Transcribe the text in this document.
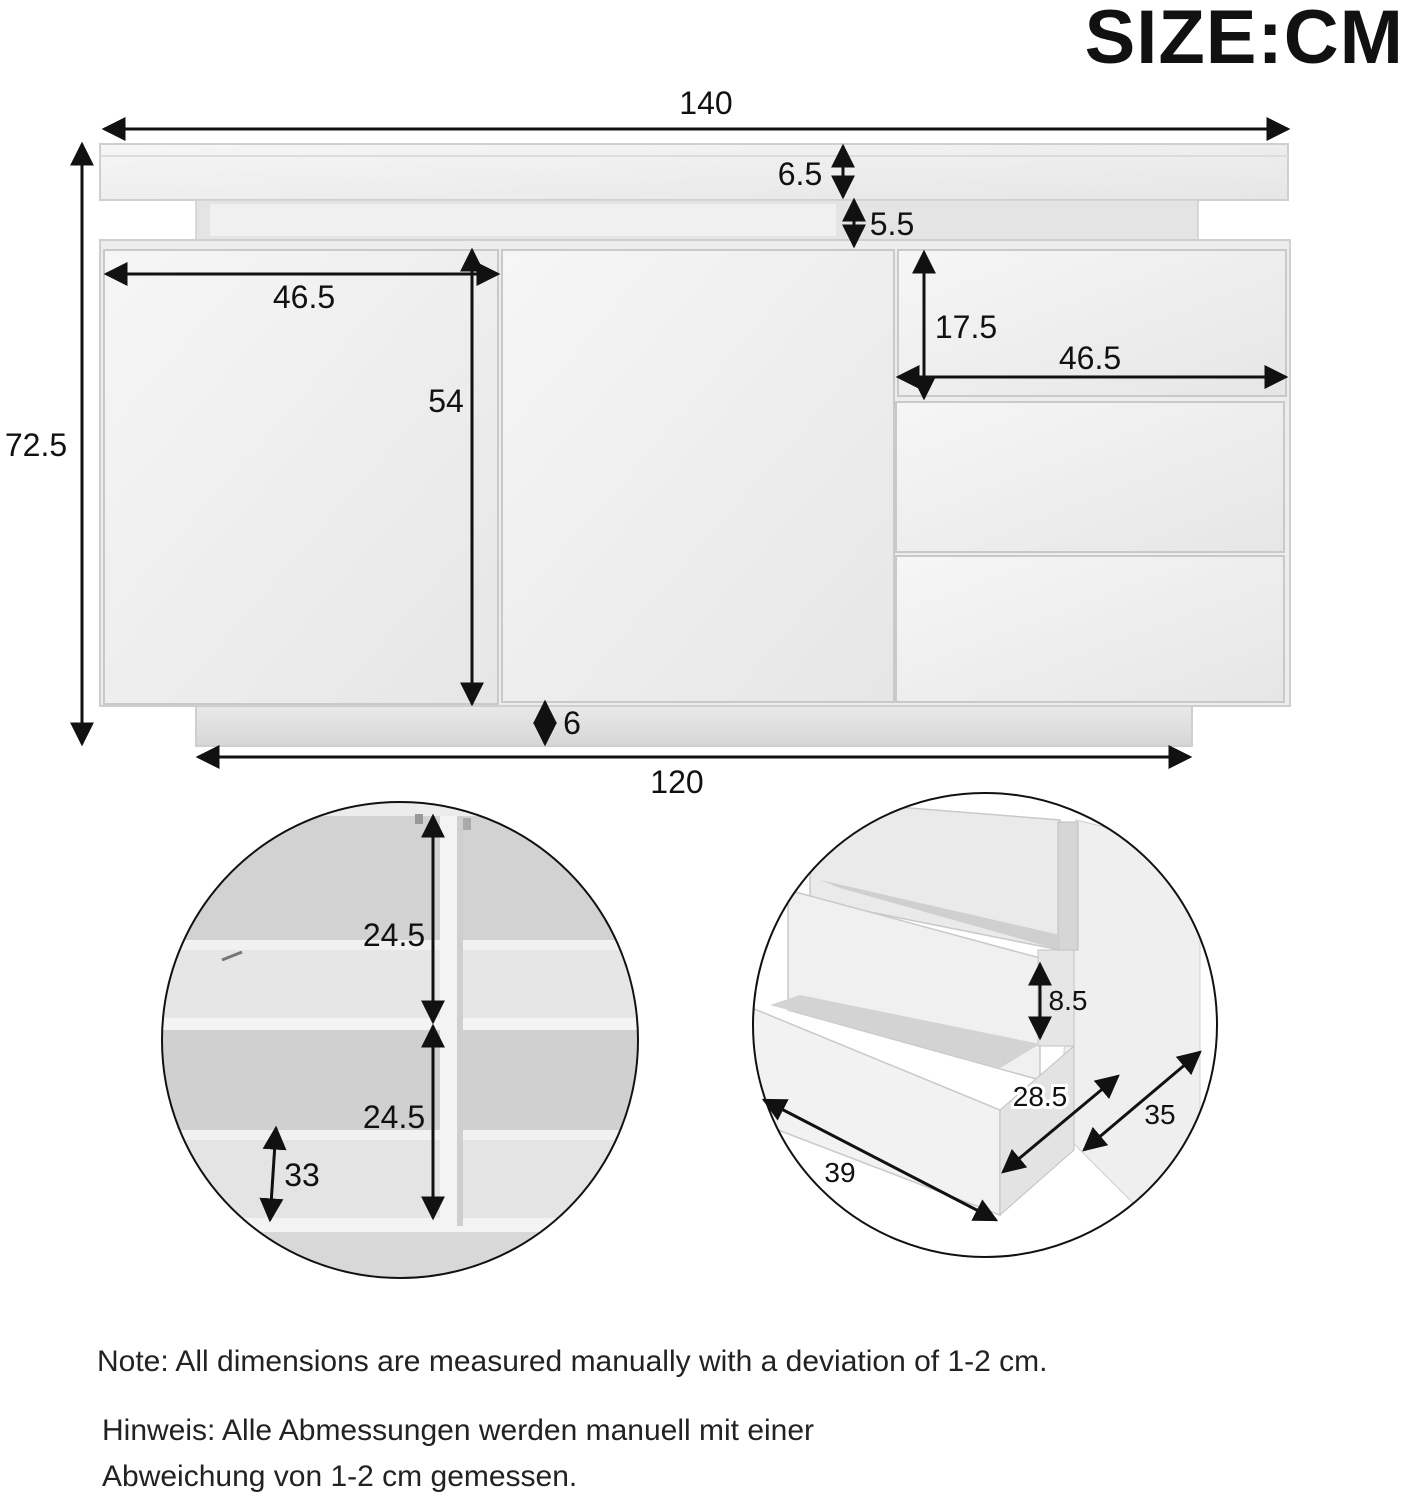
SIZE:CM
140
72.5
6.5
5.5
46.5
54
17.5
46.5
6
120
24.5
24.5
33
8.5
28.5
39
35
Note: All dimensions are measured manually with a deviation of 1-2 cm.
Hinweis: Alle Abmessungen werden manuell mit einer
Abweichung von 1-2 cm gemessen.
